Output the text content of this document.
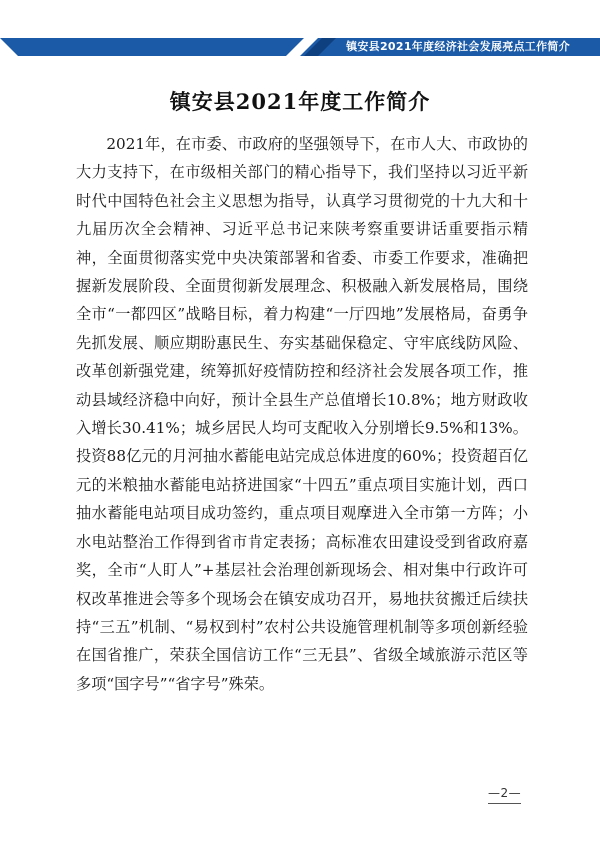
镇安县2021年度经济社会发展亮点工作简介
镇安县2021年度工作简介

2021年，在市委、市政府的坚强领导下，在市人大、市政协的大力支持下，在市级相关部门的精心指导下，我们坚持以习近平新时代中国特色社会主义思想为指导，认真学习贯彻党的十九大和十九届历次全会精神、习近平总书记来陕考察重要讲话重要指示精神，全面贯彻落实党中央决策部署和省委、市委工作要求，准确把握新发展阶段、全面贯彻新发展理念、积极融入新发展格局，围绕全市“一都四区”战略目标，着力构建“一厅四地”发展格局，奋勇争先抓发展、顺应期盼惠民生、夯实基础保稳定、守牢底线防风险、改革创新强党建，统筹抓好疫情防控和经济社会发展各项工作，推动县域经济稳中向好，预计全县生产总值增长10.8%；地方财政收入增长30.41%；城乡居民人均可支配收入分别增长9.5%和13%。投资88亿元的月河抽水蓄能电站完成总体进度的60%；投资超百亿元的米粮抽水蓄能电站挤进国家“十四五”重点项目实施计划，西口抽水蓄能电站项目成功签约，重点项目观摩进入全市第一方阵；小水电站整治工作得到省市肯定表扬；高标准农田建设受到省政府嘉奖，全市“人盯人”+基层社会治理创新现场会、相对集中行政许可权改革推进会等多个现场会在镇安成功召开，易地扶贫搬迁后续扶持“三五”机制、“易权到村”农村公共设施管理机制等多项创新经验在国省推广，荣获全国信访工作“三无县”、省级全域旅游示范区等多项“国字号”“省字号”殊荣。

—2—
